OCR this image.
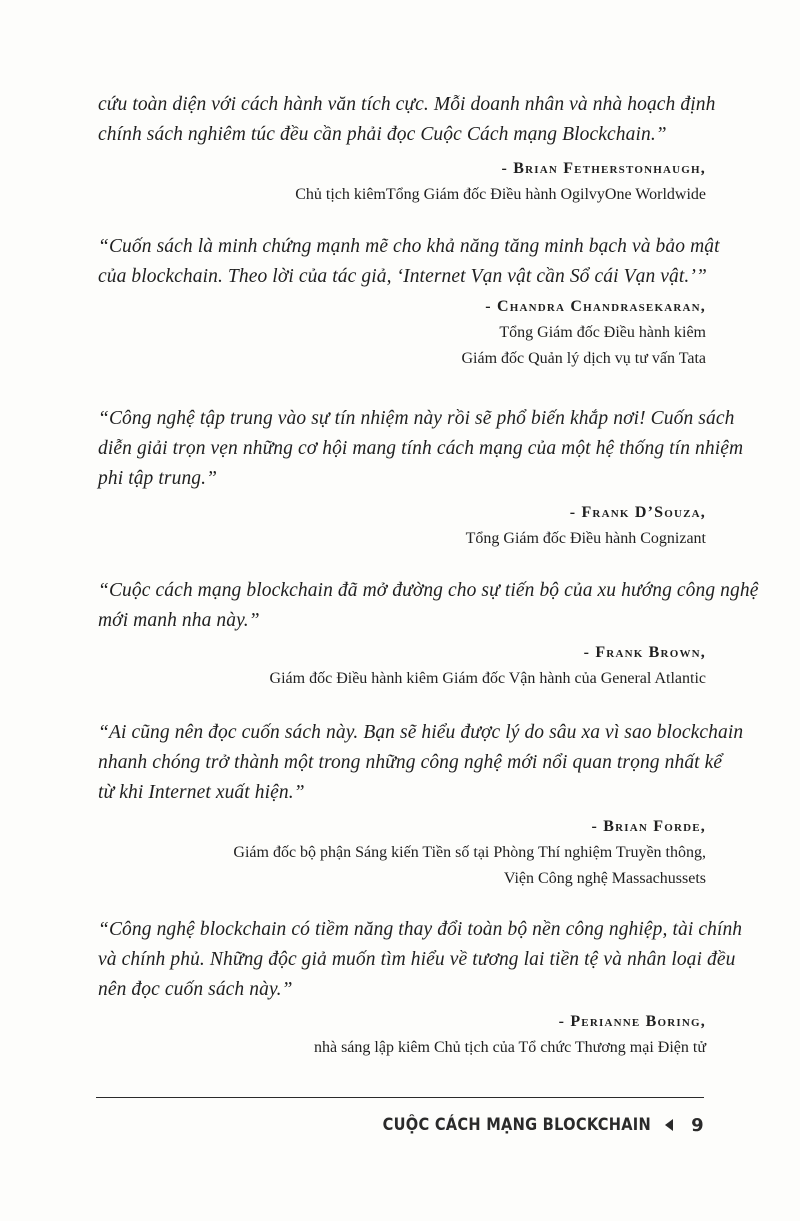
cứu toàn diện với cách hành văn tích cực. Mỗi doanh nhân và nhà hoạch định
chính sách nghiêm túc đều cần phải đọc Cuộc Cách mạng Blockchain.”

- Brian Fetherstonhaugh,

Chủ tịch kiêmTổng Giám đốc Điều hành OgilvyOne Worldwide

“Cuốn sách là minh chứng mạnh mẽ cho khả năng tăng minh bạch và bảo mật
của blockchain. Theo lời của tác giả, ‘Internet Vạn vật cần Sổ cái Vạn vật.’”

- Chandra Chandrasekaran,

Tổng Giám đốc Điều hành kiêm
Giám đốc Quản lý dịch vụ tư vấn Tata

“Công nghệ tập trung vào sự tín nhiệm này rồi sẽ phổ biến khắp nơi! Cuốn sách
diễn giải trọn vẹn những cơ hội mang tính cách mạng của một hệ thống tín nhiệm
phi tập trung.”

- Frank D’Souza,

Tổng Giám đốc Điều hành Cognizant

“Cuộc cách mạng blockchain đã mở đường cho sự tiến bộ của xu hướng công nghệ
mới manh nha này.”

- Frank Brown,

Giám đốc Điều hành kiêm Giám đốc Vận hành của General Atlantic

“Ai cũng nên đọc cuốn sách này. Bạn sẽ hiểu được lý do sâu xa vì sao blockchain
nhanh chóng trở thành một trong những công nghệ mới nổi quan trọng nhất kể
từ khi Internet xuất hiện.”

- Brian Forde,

Giám đốc bộ phận Sáng kiến Tiền số tại Phòng Thí nghiệm Truyền thông,
Viện Công nghệ Massachussets

“Công nghệ blockchain có tiềm năng thay đổi toàn bộ nền công nghiệp, tài chính
và chính phủ. Những độc giả muốn tìm hiểu về tương lai tiền tệ và nhân loại đều
nên đọc cuốn sách này.”

- Perianne Boring,

nhà sáng lập kiêm Chủ tịch của Tổ chức Thương mại Điện tử

CUỘC CÁCH MẠNG BLOCKCHAIN 9
